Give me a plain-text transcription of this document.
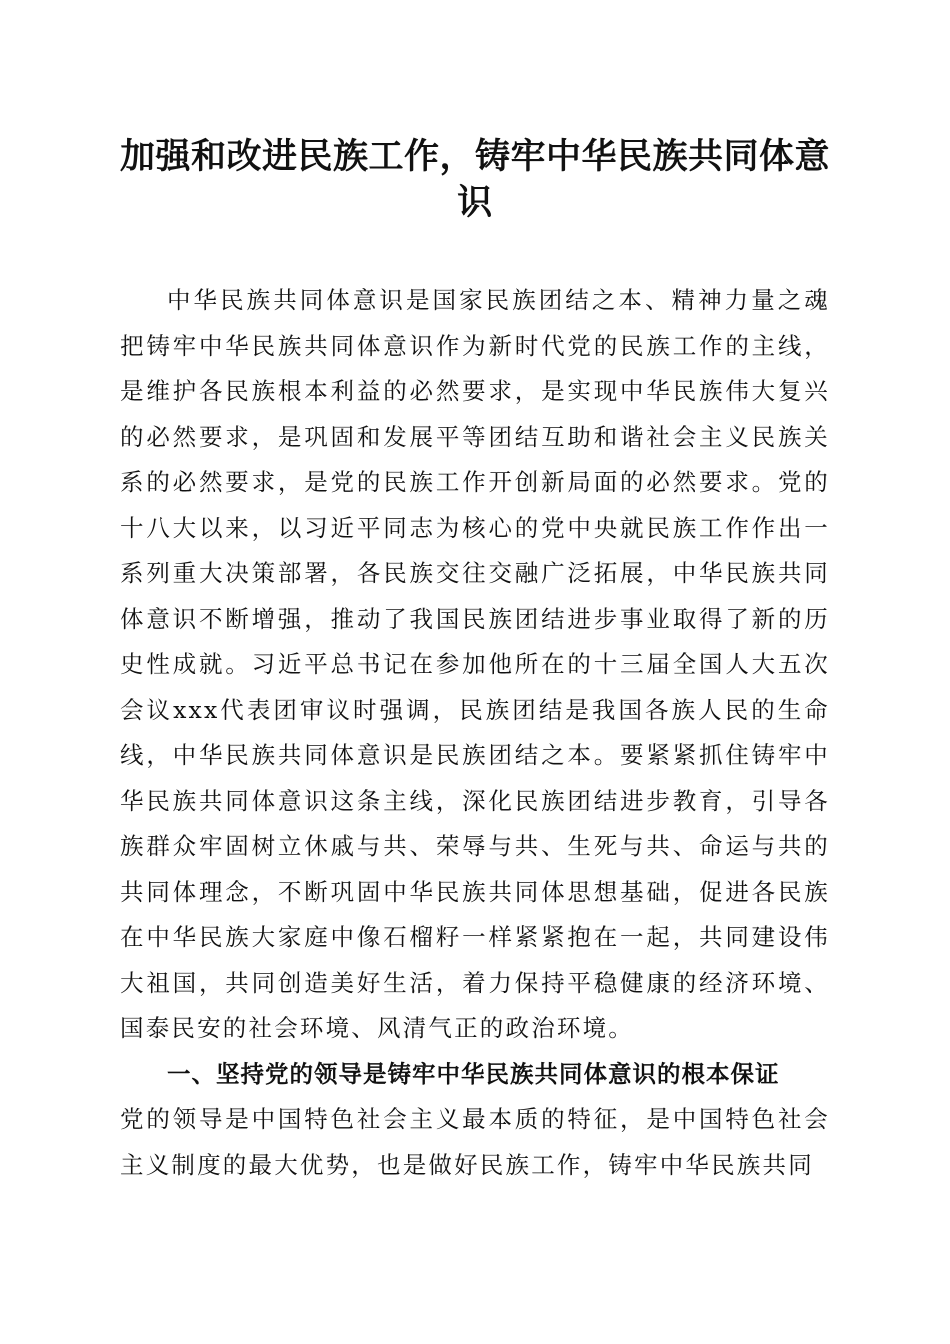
加强和改进民族工作，铸牢中华民族共同体意识

中华民族共同体意识是国家民族团结之本、精神力量之魂把铸牢中华民族共同体意识作为新时代党的民族工作的主线，是维护各民族根本利益的必然要求，是实现中华民族伟大复兴的必然要求，是巩固和发展平等团结互助和谐社会主义民族关系的必然要求，是党的民族工作开创新局面的必然要求。党的十八大以来，以习近平同志为核心的党中央就民族工作作出一系列重大决策部署，各民族交往交融广泛拓展，中华民族共同体意识不断增强，推动了我国民族团结进步事业取得了新的历史性成就。习近平总书记在参加他所在的十三届全国人大五次会议xxx代表团审议时强调，民族团结是我国各族人民的生命线，中华民族共同体意识是民族团结之本。要紧紧抓住铸牢中华民族共同体意识这条主线，深化民族团结进步教育，引导各族群众牢固树立休戚与共、荣辱与共、生死与共、命运与共的共同体理念，不断巩固中华民族共同体思想基础，促进各民族在中华民族大家庭中像石榴籽一样紧紧抱在一起，共同建设伟大祖国，共同创造美好生活，着力保持平稳健康的经济环境、国泰民安的社会环境、风清气正的政治环境。

一、坚持党的领导是铸牢中华民族共同体意识的根本保证

党的领导是中国特色社会主义最本质的特征，是中国特色社会主义制度的最大优势，也是做好民族工作，铸牢中华民族共同
